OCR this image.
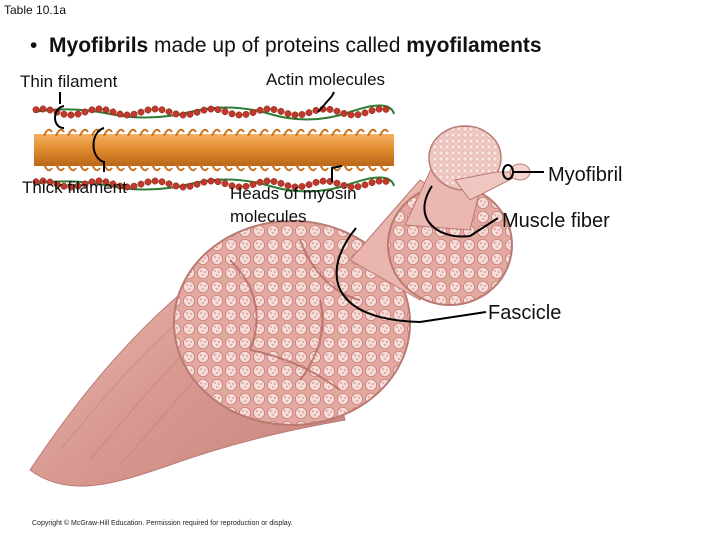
Table 10.1a
•  Myofibrils made up of proteins called myofilaments
Thin filament	Actin molecules
Thick filament	Heads of myosin
molecules
Myofibril
Muscle fiber
Fascicle
Copyright © McGraw-Hill Education. Permission required for reproduction or display.
